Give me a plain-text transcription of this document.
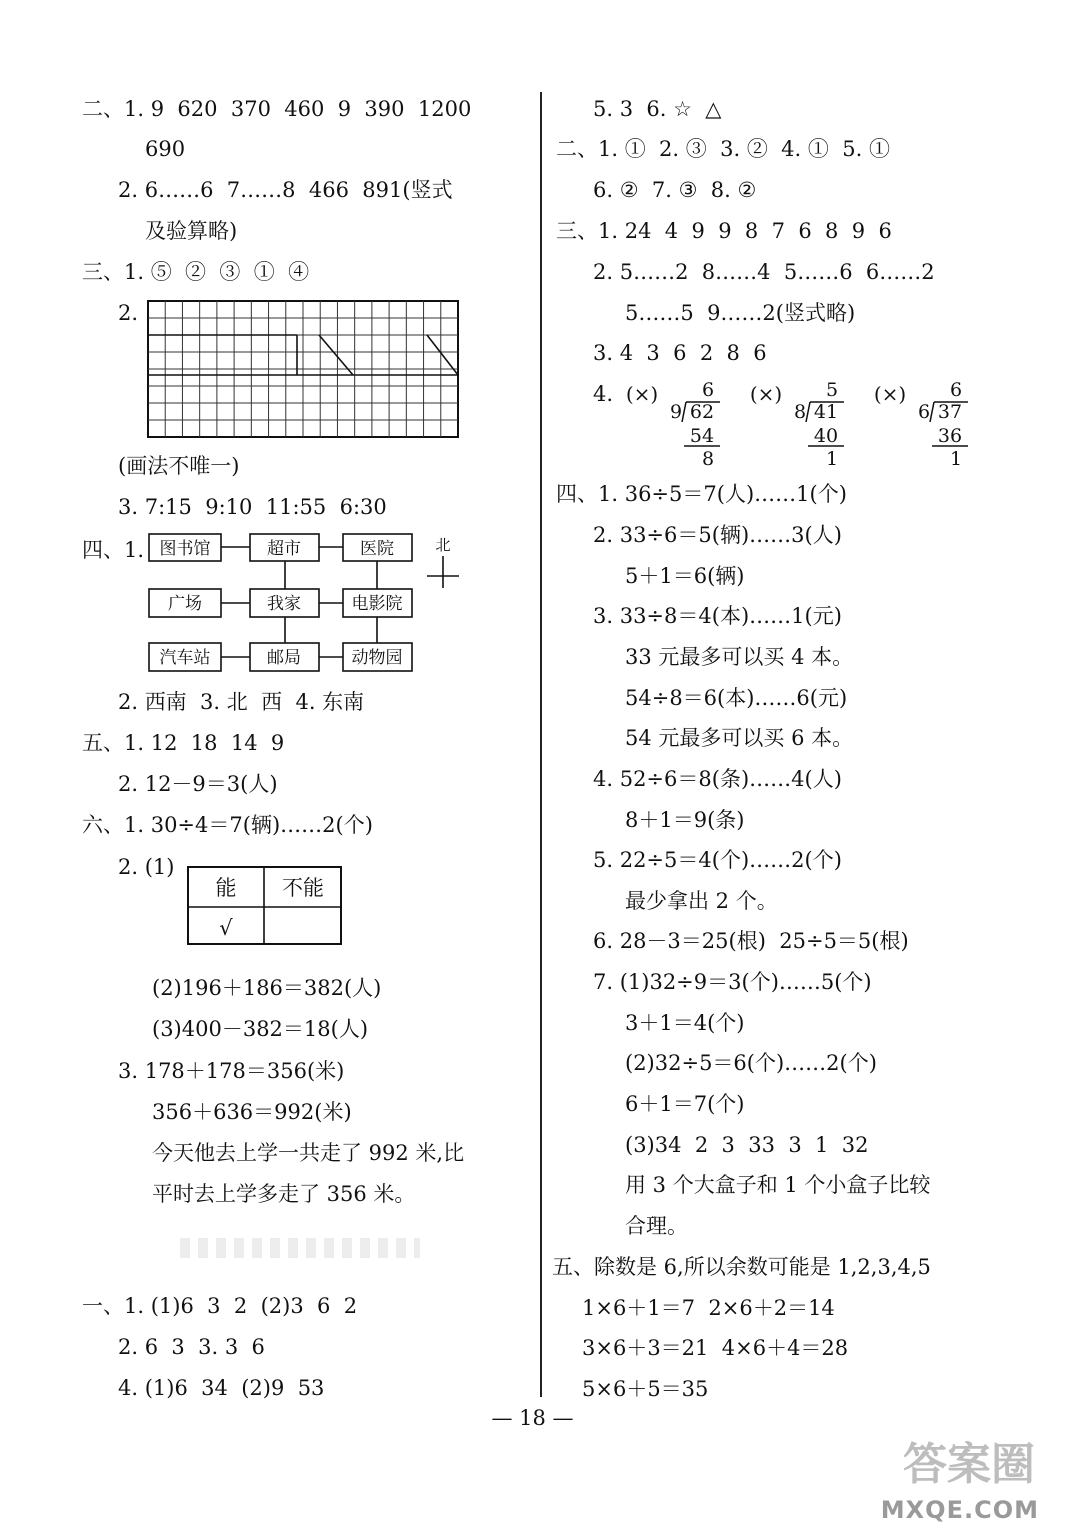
二、1. 9  620  370  460  9  390  1200
690
2. 6……6  7……8  466  891(竖式
及验算略)
三、1. ⑤  ②  ③  ①  ④
2.
(画法不唯一)
3. 7:15  9:10  11:55  6:30
四、1.
2. 西南  3. 北  西  4. 东南
五、1. 12  18  14  9
2. 12－9＝3(人)
六、1. 30÷4＝7(辆)……2(个)
2. (1)
(2)196＋186＝382(人)
(3)400－382＝18(人)
3. 178＋178＝356(米)
356＋636＝992(米)
今天他去上学一共走了 992 米,比
平时去上学多走了 356 米。
一、1. (1)6  3  2  (2)3  6  2
2. 6  3  3. 3  6
4. (1)6  34  (2)9  53
5. 3  6. ☆  △
二、1. ①  2. ③  3. ②  4. ①  5. ①
6. ②  7. ③  8. ②
三、1. 24  4  9  9  8  7  6  8  9  6
2. 5……2  8……4  5……6  6……2
5……5  9……2(竖式略)
3. 4  3  6  2  8  6
4.
四、1. 36÷5＝7(人)……1(个)
2. 33÷6＝5(辆)……3(人)
5＋1＝6(辆)
3. 33÷8＝4(本)……1(元)
33 元最多可以买 4 本。
54÷8＝6(本)……6(元)
54 元最多可以买 6 本。
4. 52÷6＝8(条)……4(人)
8＋1＝9(条)
5. 22÷5＝4(个)……2(个)
最少拿出 2 个。
6. 28－3＝25(根)  25÷5＝5(根)
7. (1)32÷9＝3(个)……5(个)
3＋1＝4(个)
(2)32÷5＝6(个)……2(个)
6＋1＝7(个)
(3)34  2  3  33  3  1  32
用 3 个大盒子和 1 个小盒子比较
合理。
五、除数是 6,所以余数可能是 1,2,3,4,5
1×6＋1＝7  2×6＋2＝14
3×6＋3＝21  4×6＋4＝28
5×6＋5＝35
图书馆	超市	医院
广场	我家	电影院
汽车站	邮局	动物园
北
能 不能
√
(×) 6
9 62
54
8
(×) 5
8 41
40
1
(×) 6
6 37
36
1
— 18 —
答案圈
MXQE.COM
